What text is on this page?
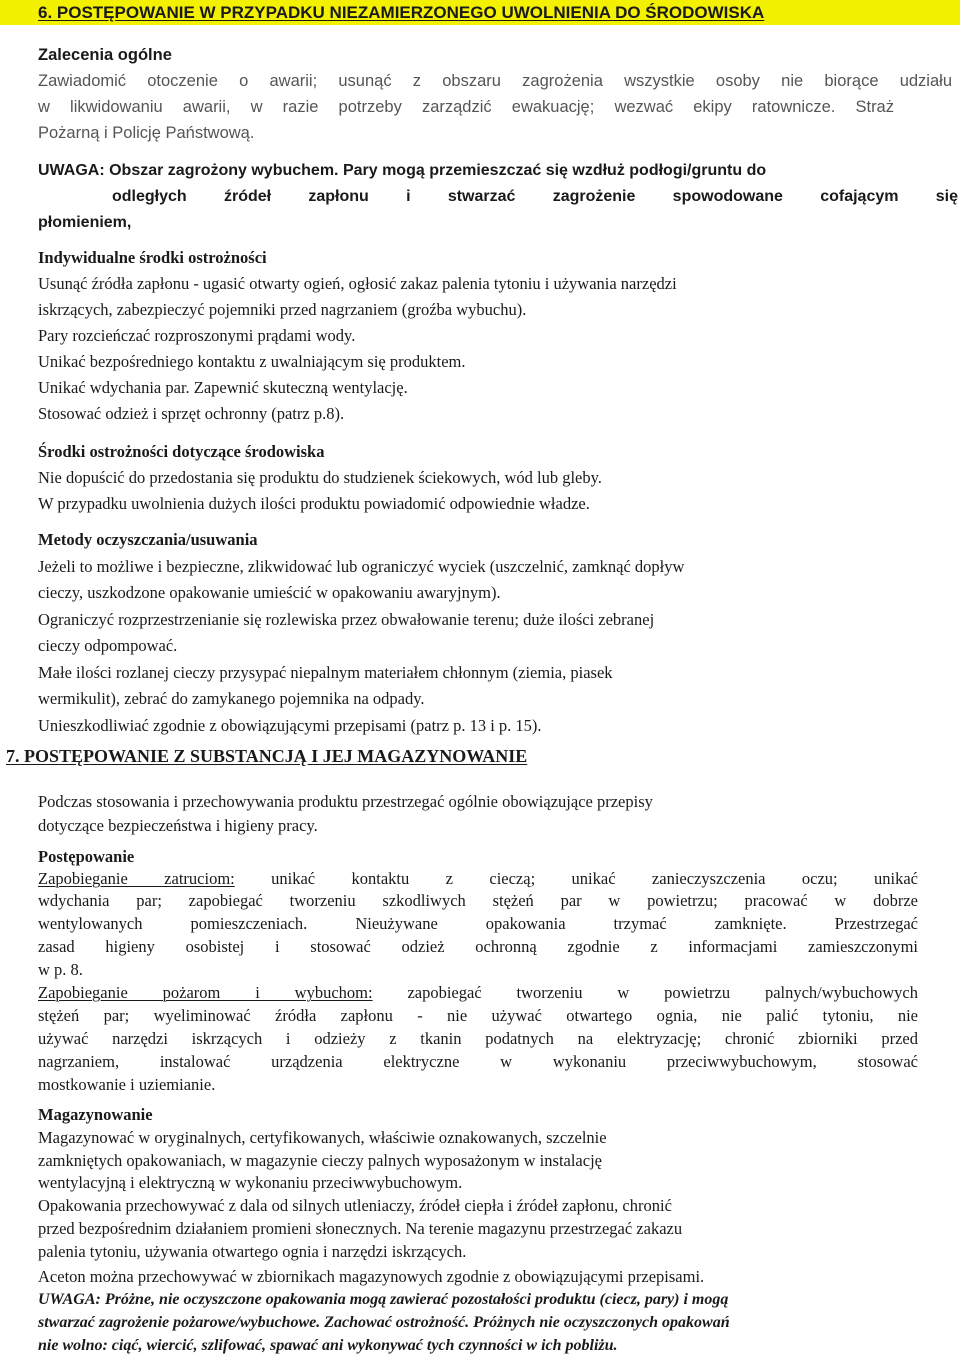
6. POSTĘPOWANIE W PRZYPADKU NIEZAMIERZONEGO UWOLNIENIA DO ŚRODOWISKA
Zalecenia ogólne
Zawiadomić otoczenie o awarii; usunąć z obszaru zagrożenia wszystkie osoby nie biorące udziału
w likwidowaniu awarii, w razie potrzeby zarządzić ewakuację; wezwać ekipy ratownicze. Straż
Pożarną i Policję Państwową.
UWAGA: Obszar zagrożony wybuchem. Pary mogą przemieszczać się wzdłuż podłogi/gruntu do
odległych źródeł zapłonu i stwarzać zagrożenie spowodowane cofającym się
płomieniem,
Indywidualne środki ostrożności
Usunąć źródła zapłonu - ugasić otwarty ogień, ogłosić zakaz palenia tytoniu i używania narzędzi
iskrzących, zabezpieczyć pojemniki przed nagrzaniem (groźba wybuchu).
Pary rozcieńczać rozproszonymi prądami wody.
Unikać bezpośredniego kontaktu z uwalniającym się produktem.
Unikać wdychania par. Zapewnić skuteczną wentylację.
Stosować odzież i sprzęt ochronny (patrz p.8).
Środki ostrożności dotyczące środowiska
Nie dopuścić do przedostania się produktu do studzienek ściekowych, wód lub gleby.
W przypadku uwolnienia dużych ilości produktu powiadomić odpowiednie władze.
Metody oczyszczania/usuwania
Jeżeli to możliwe i bezpieczne, zlikwidować lub ograniczyć wyciek (uszczelnić, zamknąć dopływ
cieczy, uszkodzone opakowanie umieścić w opakowaniu awaryjnym).
Ograniczyć rozprzestrzenianie się rozlewiska przez obwałowanie terenu; duże ilości zebranej
cieczy odpompować.
Małe ilości rozlanej cieczy przysypać niepalnym materiałem chłonnym (ziemia, piasek
wermikulit), zebrać do zamykanego pojemnika na odpady.
Unieszkodliwiać zgodnie z obowiązującymi przepisami (patrz p. 13 i p. 15).
7. POSTĘPOWANIE Z SUBSTANCJĄ I JEJ MAGAZYNOWANIE
Podczas stosowania i przechowywania produktu przestrzegać ogólnie obowiązujące przepisy
dotyczące bezpieczeństwa i higieny pracy.
Postępowanie
Zapobieganie zatruciom: unikać kontaktu z cieczą; unikać zanieczyszczenia oczu; unikać
wdychania par; zapobiegać tworzeniu szkodliwych stężeń par w powietrzu; pracować w dobrze
wentylowanych pomieszczeniach. Nieużywane opakowania trzymać zamknięte. Przestrzegać
zasad higieny osobistej i stosować odzież ochronną zgodnie z informacjami zamieszczonymi
w p. 8.
Zapobieganie pożarom i wybuchom: zapobiegać tworzeniu w powietrzu palnych/wybuchowych
stężeń par; wyeliminować źródła zapłonu - nie używać otwartego ognia, nie palić tytoniu, nie
używać narzędzi iskrzących i odzieży z tkanin podatnych na elektryzację; chronić zbiorniki przed
nagrzaniem, instalować urządzenia elektryczne w wykonaniu przeciwwybuchowym, stosować
mostkowanie i uziemianie.
Magazynowanie
Magazynować w oryginalnych, certyfikowanych, właściwie oznakowanych, szczelnie
zamkniętych opakowaniach, w magazynie cieczy palnych wyposażonym w instalację
wentylacyjną i elektryczną w wykonaniu przeciwwybuchowym.
Opakowania przechowywać z dala od silnych utleniaczy, źródeł ciepła i źródeł zapłonu, chronić
przed bezpośrednim działaniem promieni słonecznych. Na terenie magazynu przestrzegać zakazu
palenia tytoniu, używania otwartego ognia i narzędzi iskrzących.
Aceton można przechowywać w zbiornikach magazynowych zgodnie z obowiązującymi przepisami.
UWAGA: Próżne, nie oczyszczone opakowania mogą zawierać pozostałości produktu (ciecz, pary) i mogą
stwarzać zagrożenie pożarowe/wybuchowe. Zachować ostrożność. Próżnych nie oczyszczonych opakowań
nie wolno: ciąć, wiercić, szlifować, spawać ani wykonywać tych czynności w ich pobliżu.
